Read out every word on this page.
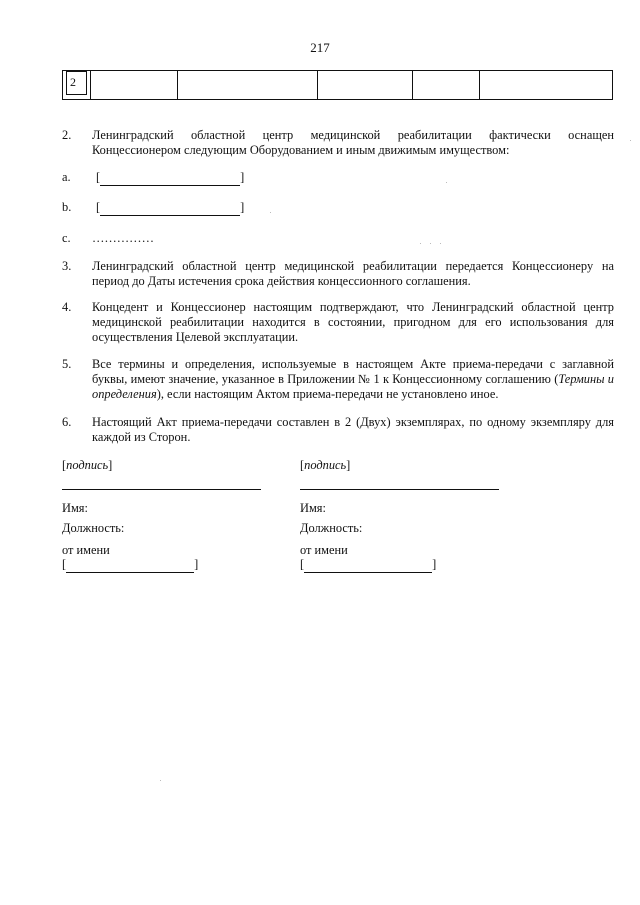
217
2

2. Ленинградский областной центр медицинской реабилитации фактически оснащен Концессионером следующим Оборудованием и иным движимым имуществом:
a. [	]
b. [	]
c. ……………
3. Ленинградский областной центр медицинской реабилитации передается Концессионеру на период до Даты истечения срока действия концессионного соглашения.
4. Концедент и Концессионер настоящим подтверждают, что Ленинградский областной центр медицинской реабилитации находится в состоянии, пригодном для его использования для осуществления Целевой эксплуатации.
5. Все термины и определения, используемые в настоящем Акте приема-передачи с заглавной буквы, имеют значение, указанное в Приложении № 1 к Концессионному соглашению (Термины и определения), если настоящим Актом приема-передачи не установлено иное.
6. Настоящий Акт приема-передачи составлен в 2 (Двух) экземплярах, по одному экземпляру для каждой из Сторон.
[подпись]
Имя:
Должность:
от имени
[	]
[подпись]
Имя:
Должность:
от имени
[	]
